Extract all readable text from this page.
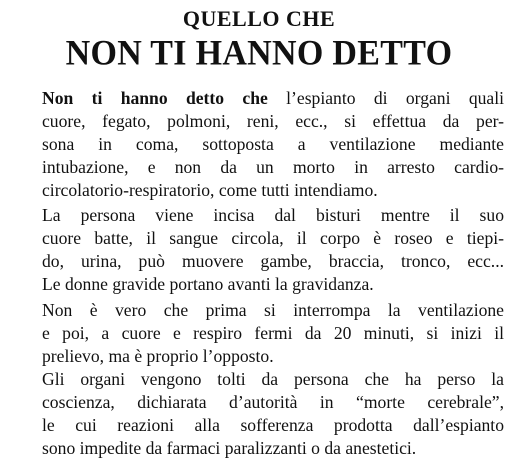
QUELLO CHE
NON TI HANNO DETTO

Non ti hanno detto che l’espianto di organi quali
cuore, fegato, polmoni, reni, ecc., si effettua da per-
sona in coma, sottoposta a ventilazione mediante
intubazione, e non da un morto in arresto cardio-
circolatorio-respiratorio, come tutti intendiamo.

La persona viene incisa dal bisturi mentre il suo
cuore batte, il sangue circola, il corpo è roseo e tiepi-
do, urina, può muovere gambe, braccia, tronco, ecc...
Le donne gravide portano avanti la gravidanza.

Non è vero che prima si interrompa la ventilazione
e poi, a cuore e respiro fermi da 20 minuti, si inizi il
prelievo, ma è proprio l’opposto.
Gli organi vengono tolti da persona che ha perso la
coscienza, dichiarata d’autorità in “morte cerebrale”,
le cui reazioni alla sofferenza prodotta dall’espianto
sono impedite da farmaci paralizzanti o da anestetici.
